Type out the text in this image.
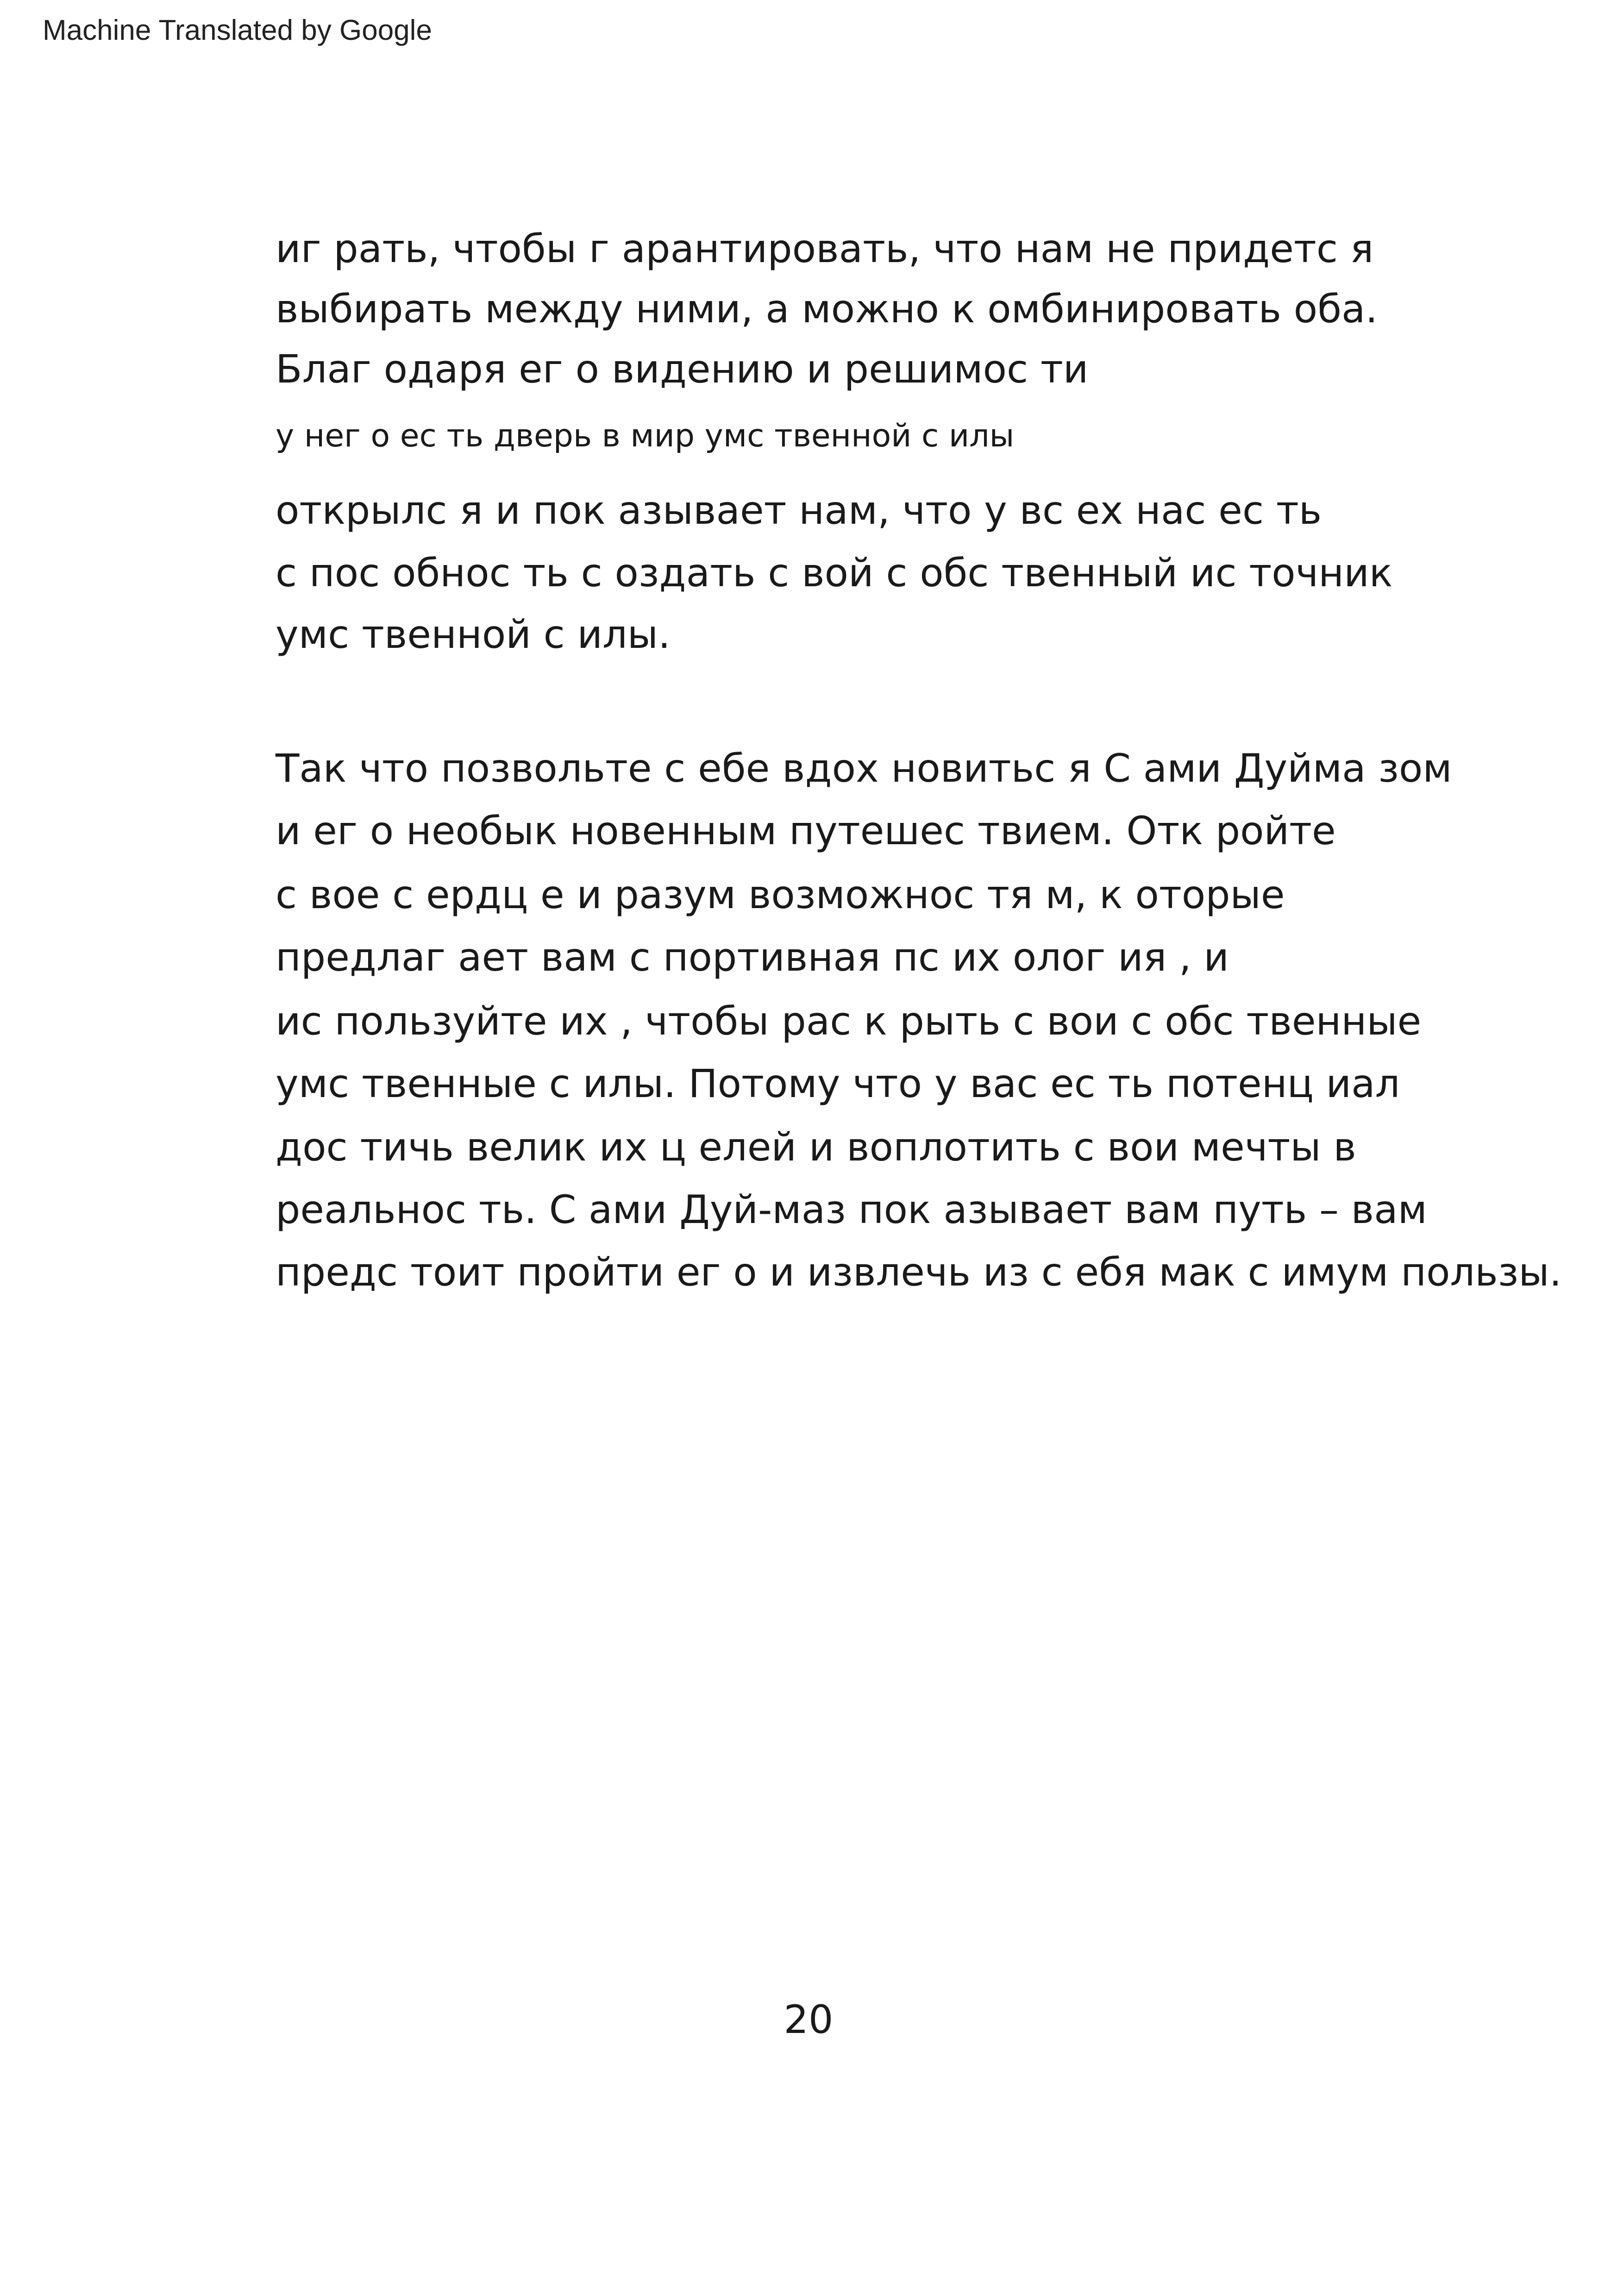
Machine Translated by Google
иг рать, чтобы г арантировать, что нам не придетс я
выбирать между ними, а можно к омбинировать оба.
Благ одаря ег о видению и решимос ти
у нег о ес ть дверь в мир умс твенной с илы
открылс я и пок азывает нам, что у вс ех нас ес ть
с пос обнос ть с оздать с вой с обс твенный ис точник
умс твенной с илы.
Так что позвольте с ебе вдох новитьс я С ами Дуйма зом
и ег о необык новенным путешес твием. Отк ройте
с вое с ердц е и разум возможнос тя м, к оторые
предлаг ает вам с портивная пс их олог ия , и
ис пользуйте их , чтобы рас к рыть с вои с обс твенные
умс твенные с илы. Потому что у вас ес ть потенц иал
дос тичь велик их ц елей и воплотить с вои мечты в
реальнос ть. С ами Дуй-маз пок азывает вам путь – вам
предс тоит пройти ег о и извлечь из с ебя мак с имум пользы.
20
